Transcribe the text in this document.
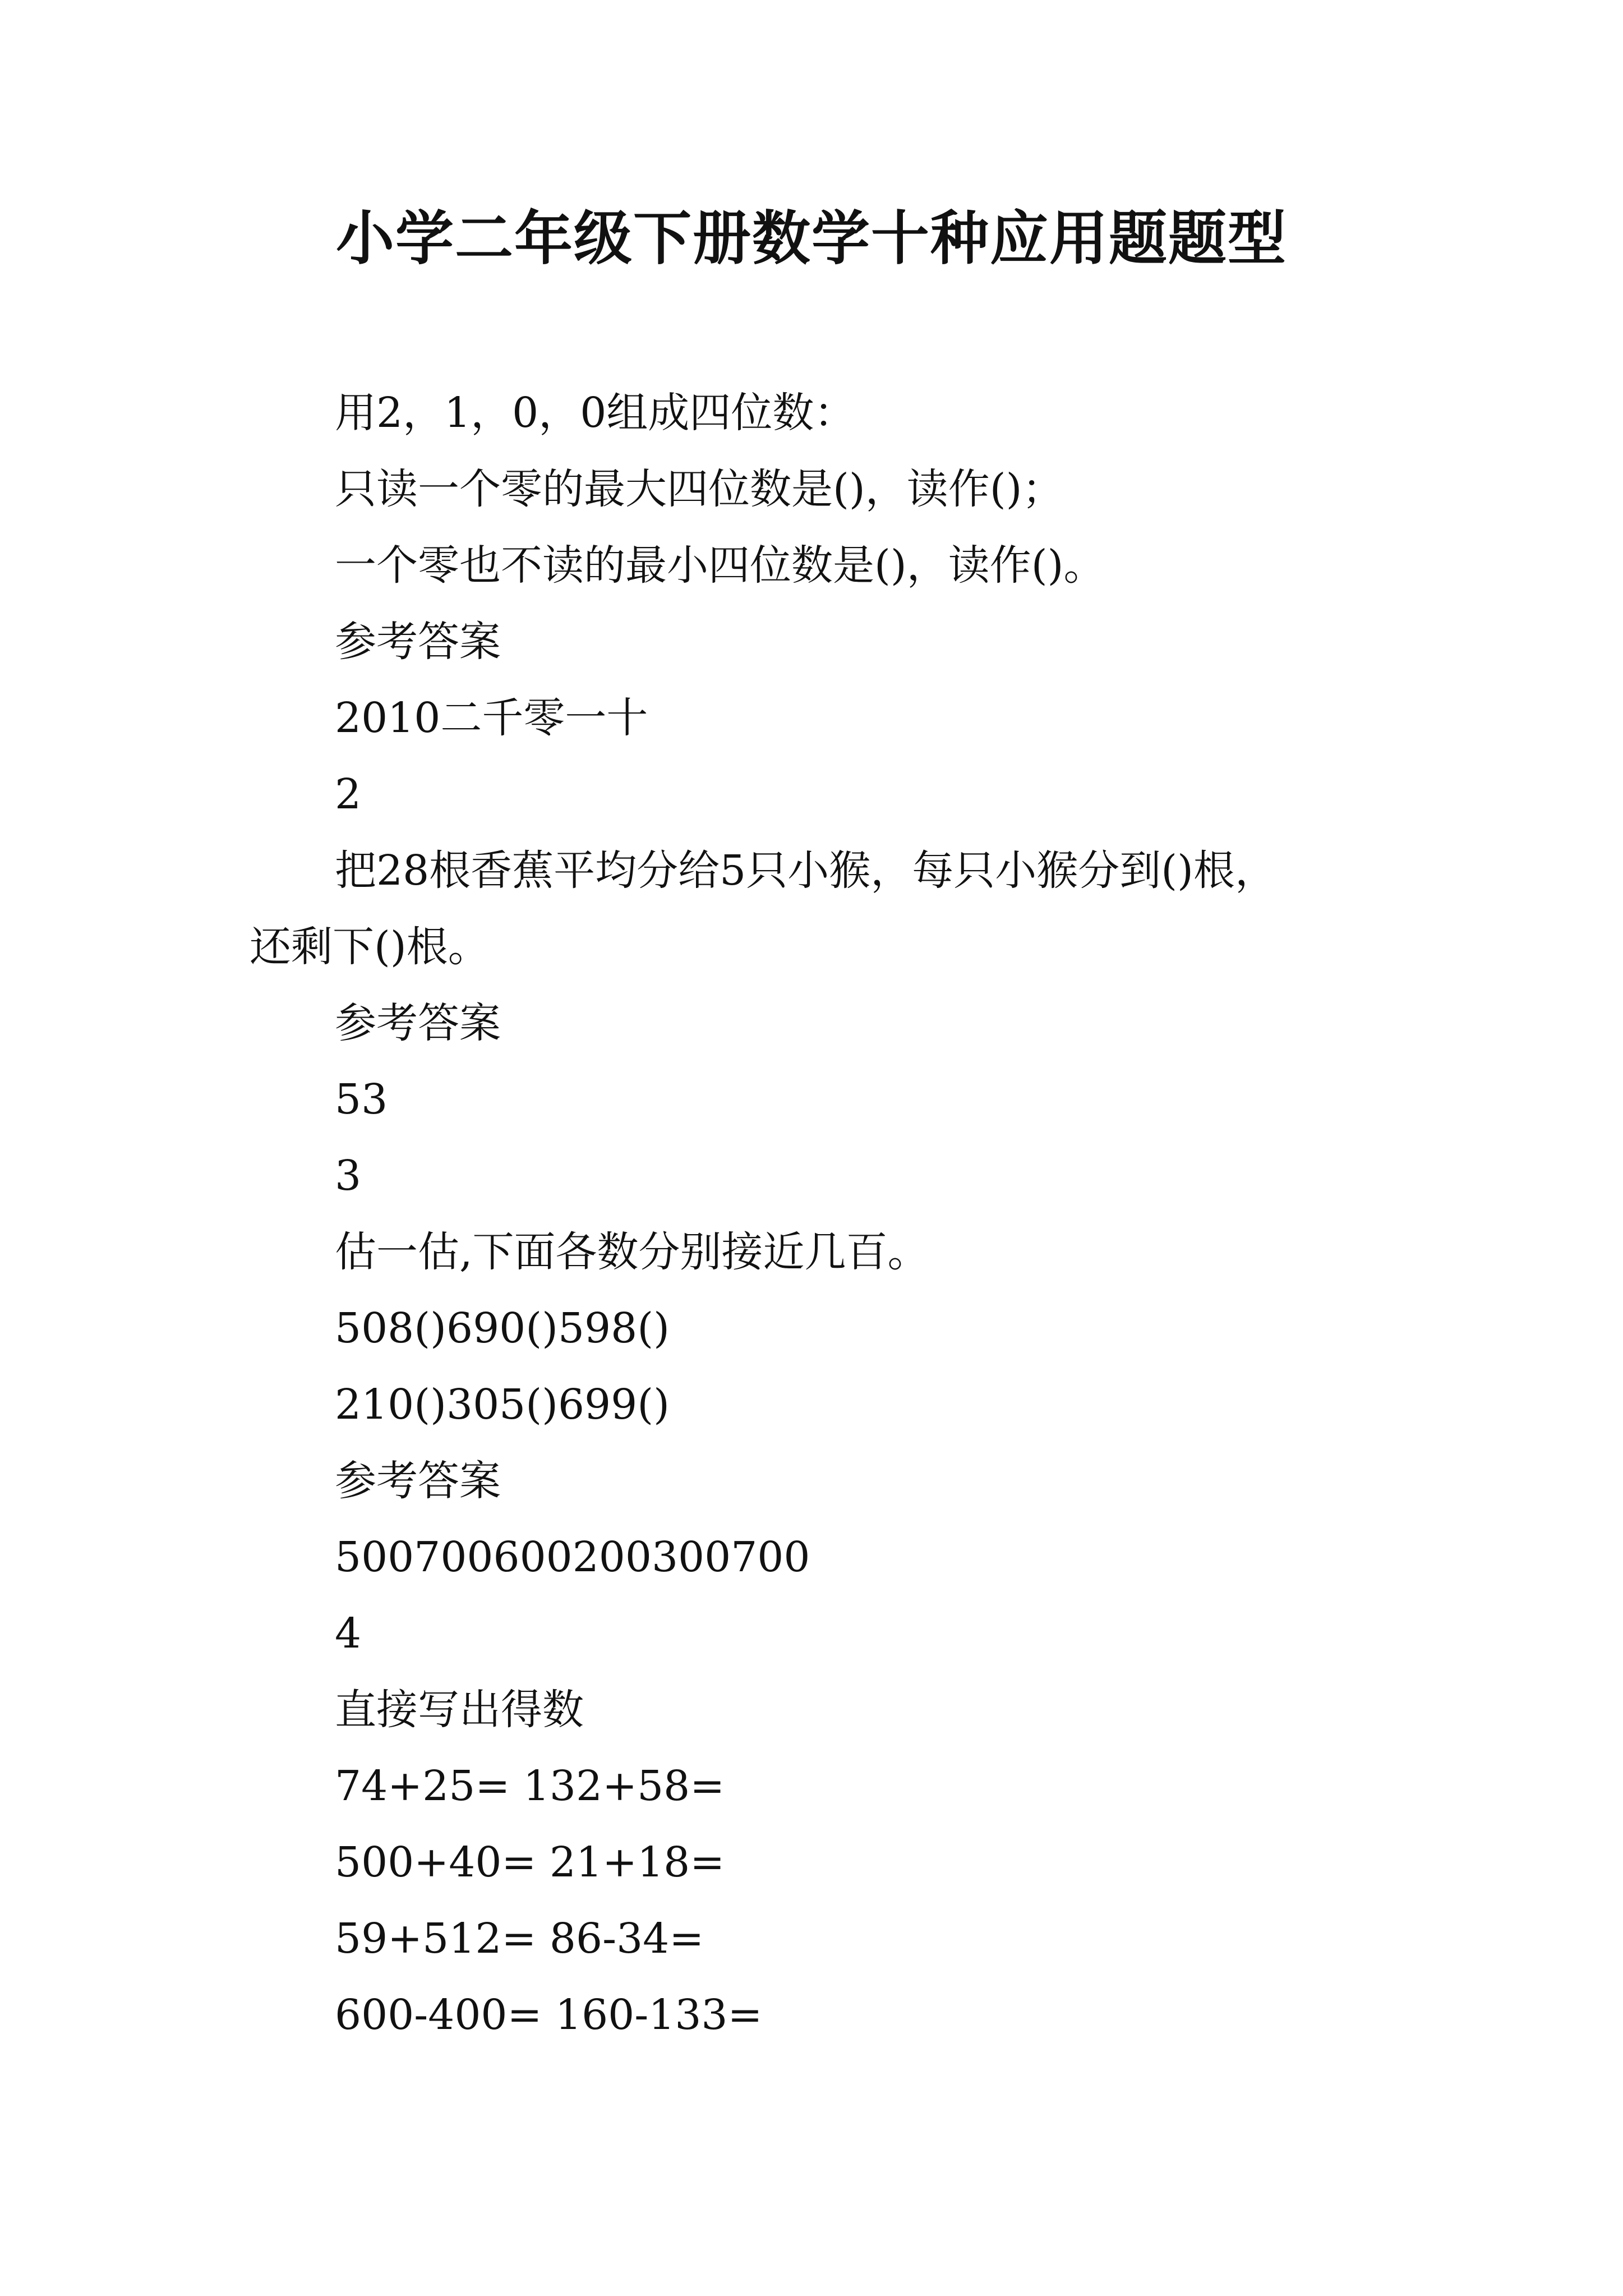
小学二年级下册数学十种应用题题型
用2，1，0，0组成四位数：
只读一个零的最大四位数是()，读作()；
一个零也不读的最小四位数是()，读作()。
参考答案
2010二千零一十
2
把28根香蕉平均分给5只小猴，每只小猴分到()根，
还剩下()根。
参考答案
53
3
估一估,下面各数分别接近几百。
508()690()598()
210()305()699()
参考答案
500700600200300700
4
直接写出得数
74+25= 132+58=
500+40= 21+18=
59+512= 86-34=
600-400= 160-133=
